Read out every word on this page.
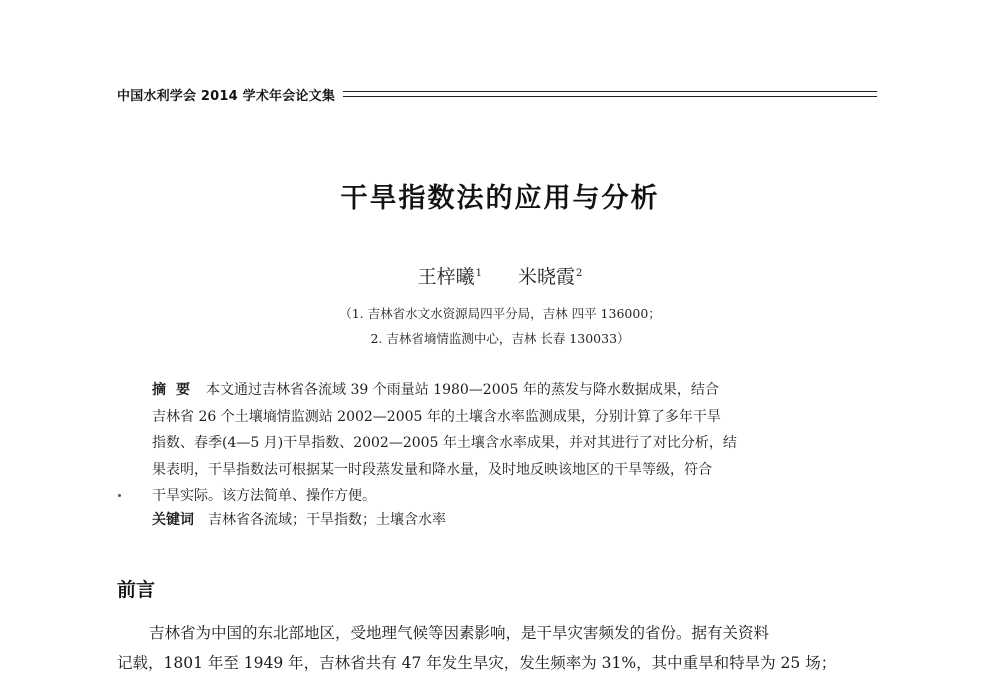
中国水利学会 2014 学术年会论文集
干旱指数法的应用与分析
王梓曦$^1$ 米晓霞$^2$
（1. 吉林省水文水资源局四平分局，吉林 四平 136000；
2. 吉林省墒情监测中心，吉林 长春 130033）
摘要 本文通过吉林省各流域 39 个雨量站 1980—2005 年的蒸发与降水数据成果，结合
吉林省 26 个土壤墒情监测站 2002—2005 年的土壤含水率监测成果，分别计算了多年干旱
指数、春季(4—5 月)干旱指数、2002—2005 年土壤含水率成果，并对其进行了对比分析，结
果表明，干旱指数法可根据某一时段蒸发量和降水量，及时地反映该地区的干旱等级，符合
干旱实际。该方法简单、操作方便。
关键词 吉林省各流域；干旱指数；土壤含水率
前言
吉林省为中国的东北部地区，受地理气候等因素影响，是干旱灾害频发的省份。据有关资料
记载，1801 年至 1949 年，吉林省共有 47 年发生旱灾，发生频率为 31%，其中重旱和特旱为 25 场；
